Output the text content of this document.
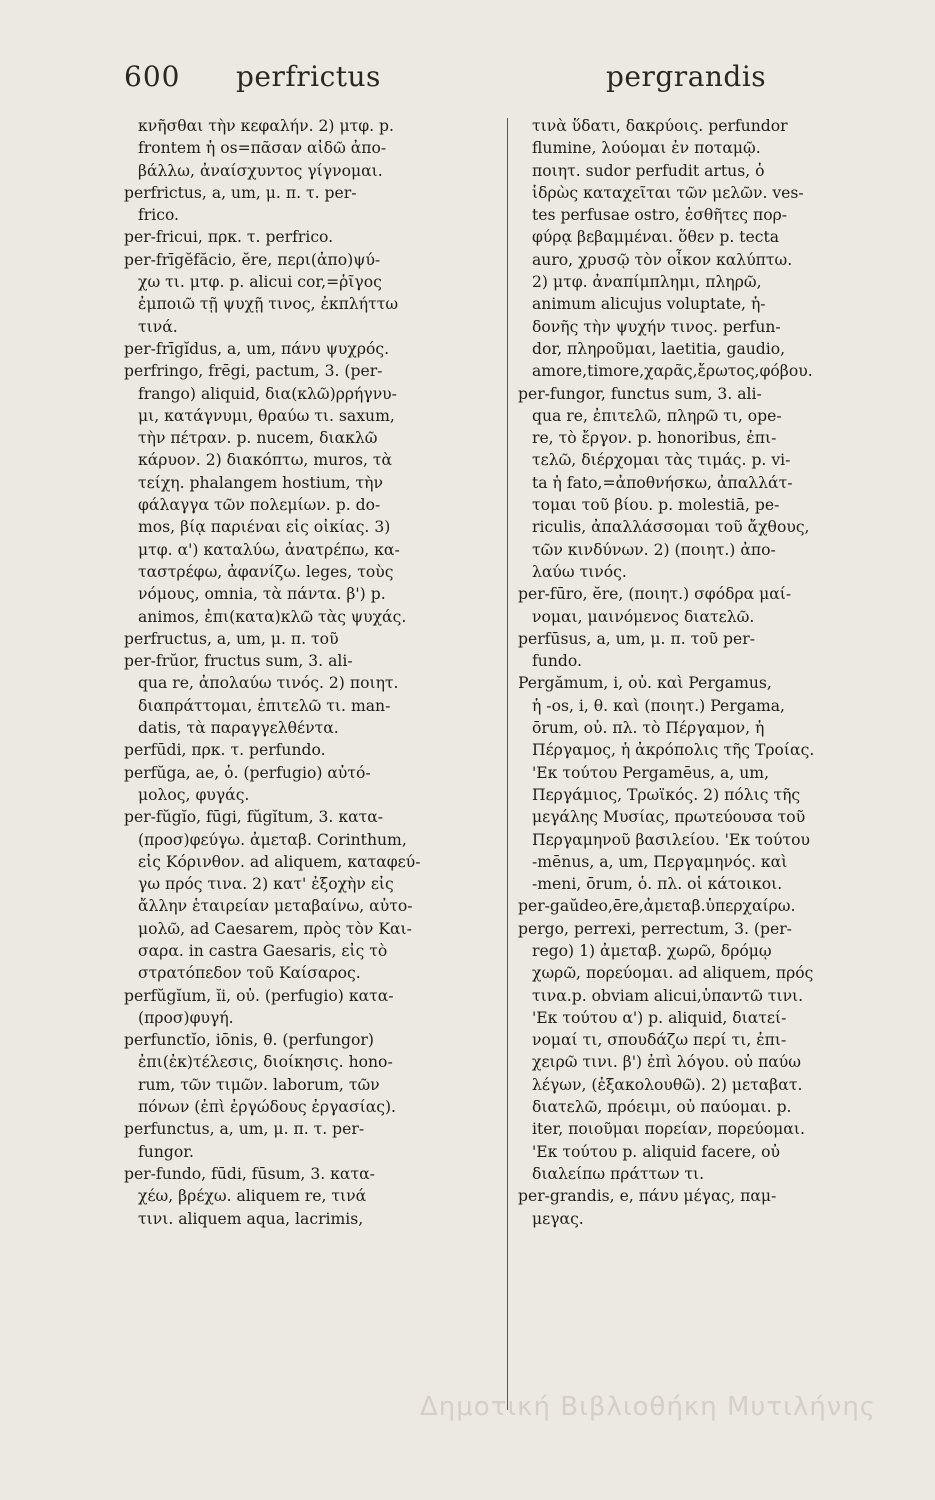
600 perfrictus	pergrandis
κνῆσθαι τὴν κεφαλήν. 2) μτφ. p.
frontem ἡ os=πᾶσαν αἰδῶ ἀπο-
βάλλω, ἀναίσχυντος γίγνομαι.
perfrictus, a, um, μ. π. τ. per-
frico.
per-fricui, πρκ. τ. perfrico.
per-frīgĕfăcio, ĕre, περι(ἀπο)ψύ-
χω τι. μτφ. p. alicui cor,=ῥῖγος
ἐμποιῶ τῇ ψυχῇ τινος, ἐκπλήττω
τινά.
per-frīgĭdus, a, um, πάνυ ψυχρός.
perfringo, frēgi, pactum, 3. (per-
frango) aliquid, δια(κλῶ)ρρήγνυ-
μι, κατάγνυμι, θραύω τι. saxum,
τὴν πέτραν. p. nucem, διακλῶ
κάρυον. 2) διακόπτω, muros, τὰ
τείχη. phalangem hostium, τὴν
φάλαγγα τῶν πολεμίων. p. do-
mos, βίᾳ παριέναι εἰς οἰκίας. 3)
μτφ. α') καταλύω, ἀνατρέπω, κα-
ταστρέφω, ἀφανίζω. leges, τοὺς
νόμους, omnia, τὰ πάντα. β') p.
animos, ἐπι(κατα)κλῶ τὰς ψυχάς.
perfructus, a, um, μ. π. τοῦ
per-frŭor, fructus sum, 3. ali-
qua re, ἀπολαύω τινός. 2) ποιητ.
διαπράττομαι, ἐπιτελῶ τι. man-
datis, τὰ παραγγελθέντα.
perfūdi, πρκ. τ. perfundo.
perfŭga, ae, ὁ. (perfugio) αὐτό-
μολος, φυγάς.
per-fŭgĭo, fūgi, fŭgĭtum, 3. κατα-
(προσ)φεύγω. ἀμεταβ. Corinthum,
εἰς Κόρινθον. ad aliquem, καταφεύ-
γω πρός τινα. 2) κατ' ἐξοχὴν εἰς
ἄλλην ἑταιρείαν μεταβαίνω, αὐτο-
μολῶ, ad Caesarem, πρὸς τὸν Και-
σαρα. in castra Gaesaris, εἰς τὸ
στρατόπεδον τοῦ Καίσαρος.
perfŭgĭum, ĭi, οὐ. (perfugio) κατα-
(προσ)φυγή.
perfunctĭo, iōnis, θ. (perfungor)
ἐπι(ἐκ)τέλεσις, διοίκησις. hono-
rum, τῶν τιμῶν. laborum, τῶν
πόνων (ἐπὶ ἐργώδους ἐργασίας).
perfunctus, a, um, μ. π. τ. per-
fungor.
per-fundo, fūdi, fūsum, 3. κατα-
χέω, βρέχω. aliquem re, τινά
τινι. aliquem aqua, lacrimis,
τινὰ ὕδατι, δακρύοις. perfundor
flumine, λούομαι ἐν ποταμῷ.
ποιητ. sudor perfudit artus, ὁ
ἱδρὼς καταχεῖται τῶν μελῶν. ves-
tes perfusae ostro, ἐσθῆτες πορ-
φύρᾳ βεβαμμέναι. ὅθεν p. tecta
auro, χρυσῷ τὸν οἶκον καλύπτω.
2) μτφ. ἀναπίμπλημι, πληρῶ,
animum alicujus voluptate, ἡ-
δονῆς τὴν ψυχήν τινος. perfun-
dor, πληροῦμαι, laetitia, gaudio,
amore,timore,χαρᾶς,ἔρωτος,φόβου.
per-fungor, functus sum, 3. ali-
qua re, ἐπιτελῶ, πληρῶ τι, ope-
re, τὸ ἔργον. p. honoribus, ἐπι-
τελῶ, διέρχομαι τὰς τιμάς. p. vi-
ta ἡ fato,=ἀποθνήσκω, ἀπαλλάτ-
τομαι τοῦ βίου. p. molestiā, pe-
riculis, ἀπαλλάσσομαι τοῦ ἄχθους,
τῶν κινδύνων. 2) (ποιητ.) ἀπο-
λαύω τινός.
per-fūro, ĕre, (ποιητ.) σφόδρα μαί-
νομαι, μαινόμενος διατελῶ.
perfūsus, a, um, μ. π. τοῦ per-
fundo.
Pergămum, i, οὐ. καὶ Pergamus,
ἡ -os, i, θ. καὶ (ποιητ.) Pergama,
ōrum, οὐ. πλ. τὸ Πέργαμον, ἡ
Πέργαμος, ἡ ἀκρόπολις τῆς Τροίας.
'Εκ τούτου Pergamēus, a, um,
Περγάμιος, Τρωϊκός. 2) πόλις τῆς
μεγάλης Μυσίας, πρωτεύουσα τοῦ
Περγαμηνοῦ βασιλείου. 'Εκ τούτου
-mēnus, a, um, Περγαμηνός. καὶ
-meni, ōrum, ὁ. πλ. οἱ κάτοικοι.
per-gaŭdeo,ēre,ἀμεταβ.ὑπερχαίρω.
pergo, perrexi, perrectum, 3. (per-
rego) 1) ἀμεταβ. χωρῶ, δρόμῳ
χωρῶ, πορεύομαι. ad aliquem, πρός
τινα.p. obviam alicui,ὑπαντῶ τινι.
'Εκ τούτου α') p. aliquid, διατεί-
νομαί τι, σπουδάζω περί τι, ἐπι-
χειρῶ τινι. β') ἐπὶ λόγου. οὐ παύω
λέγων, (ἐξακολουθῶ). 2) μεταβατ.
διατελῶ, πρόειμι, οὐ παύομαι. p.
iter, ποιοῦμαι πορείαν, πορεύομαι.
'Εκ τούτου p. aliquid facere, οὐ
διαλείπω πράττων τι.
per-grandis, e, πάνυ μέγας, παμ-
μεγας.
Δημοτική Βιβλιοθήκη Μυτιλήνης
